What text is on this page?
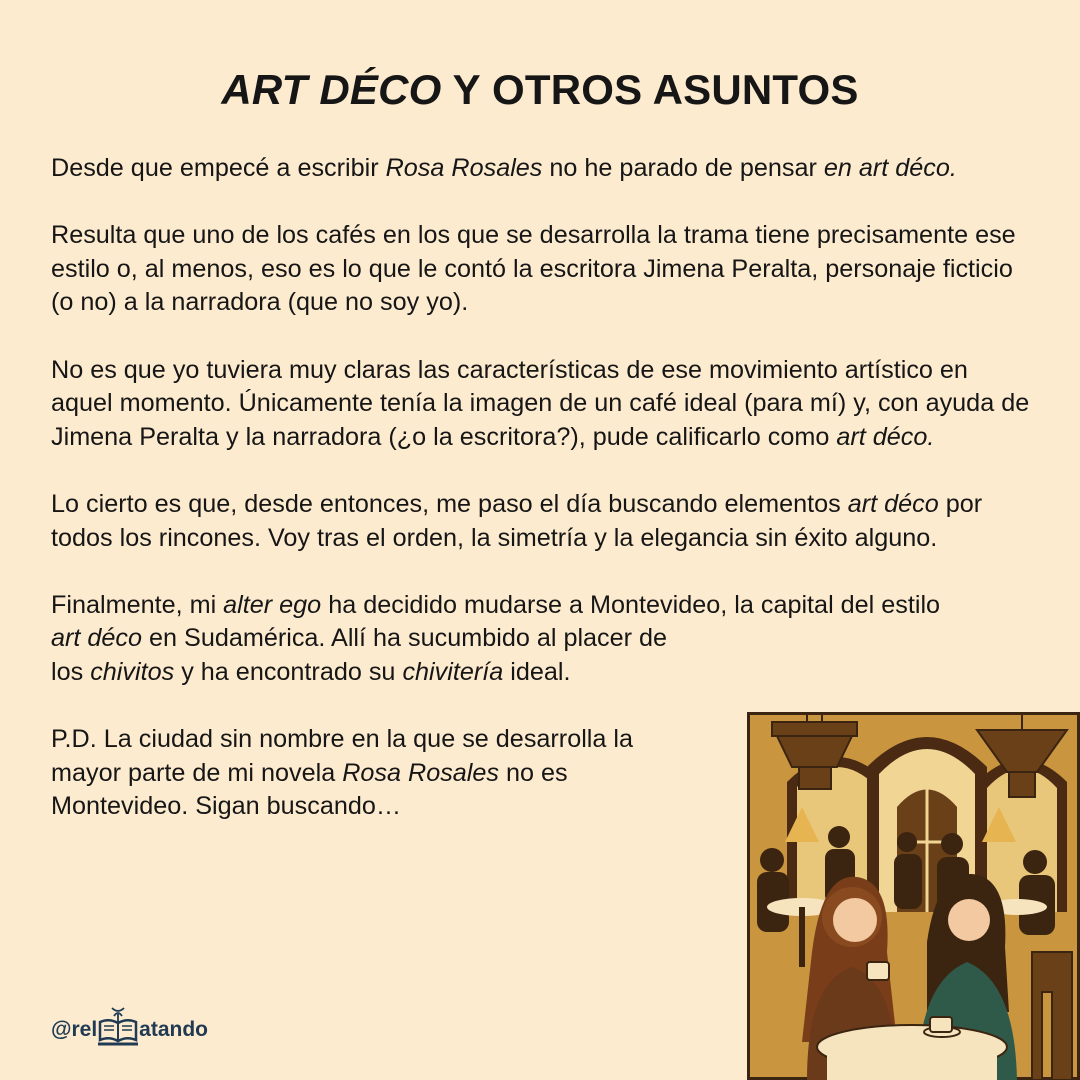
ART DÉCO Y OTROS ASUNTOS

Desde que empecé a escribir Rosa Rosales no he parado de pensar en art déco.

Resulta que uno de los cafés en los que se desarrolla la trama tiene precisamente ese estilo o, al menos, eso es lo que le contó la escritora Jimena Peralta, personaje ficticio (o no) a la narradora (que no soy yo).

No es que yo tuviera muy claras las características de ese movimiento artístico en aquel momento. Únicamente tenía la imagen de un café ideal (para mí) y, con ayuda de Jimena Peralta y la narradora (¿o la escritora?), pude calificarlo como art déco.

Lo cierto es que, desde entonces, me paso el día buscando elementos art déco por todos los rincones. Voy tras el orden, la simetría y la elegancia sin éxito alguno.

Finalmente, mi alter ego ha decidido mudarse a Montevideo, la capital del estilo
art déco en Sudamérica. Allí ha sucumbido al placer de
los chivitos y ha encontrado su chivitería ideal.

P.D. La ciudad sin nombre en la que se desarrolla la
mayor parte de mi novela Rosa Rosales no es
Montevideo. Sigan buscando…

@rel atando
